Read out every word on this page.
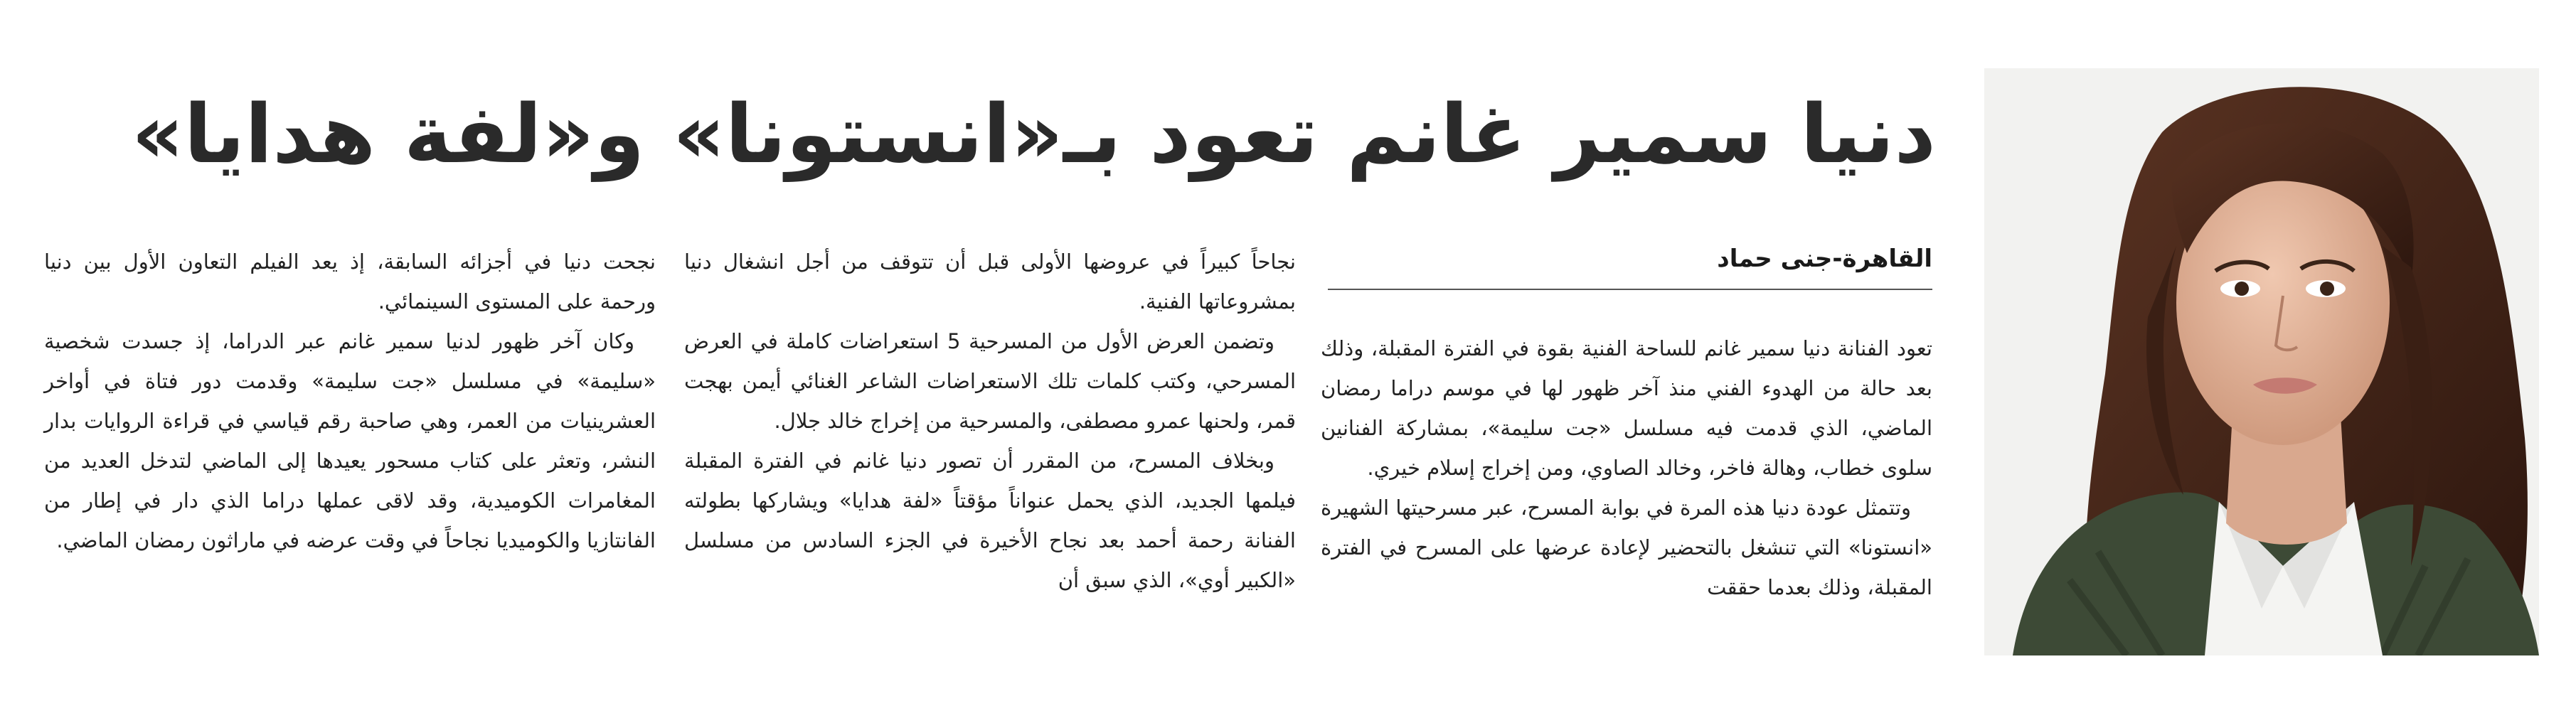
دنيا سمير غانم تعود بـ«انستونا» و«لفة هدايا»
القاهرة-جنى حماد

تعود الفنانة دنيا سمير غانم للساحة الفنية بقوة في الفترة المقبلة، وذلك بعد حالة من الهدوء الفني منذ آخر ظهور لها في موسم دراما رمضان الماضي، الذي قدمت فيه مسلسل «جت سليمة»، بمشاركة الفنانين سلوى خطاب، وهالة فاخر، وخالد الصاوي، ومن إخراج إسلام خيري.

وتتمثل عودة دنيا هذه المرة في بوابة المسرح، عبر مسرحيتها الشهيرة «انستونا» التي تنشغل بالتحضير لإعادة عرضها على المسرح في الفترة المقبلة، وذلك بعدما حققت

نجاحاً كبيراً في عروضها الأولى قبل أن تتوقف من أجل انشغال دنيا بمشروعاتها الفنية.

وتضمن العرض الأول من المسرحية 5 استعراضات كاملة في العرض المسرحي، وكتب كلمات تلك الاستعراضات الشاعر الغنائي أيمن بهجت قمر، ولحنها عمرو مصطفى، والمسرحية من إخراج خالد جلال.

وبخلاف المسرح، من المقرر أن تصور دنيا غانم في الفترة المقبلة فيلمها الجديد، الذي يحمل عنواناً مؤقتاً «لفة هدايا» ويشاركها بطولته الفنانة رحمة أحمد بعد نجاح الأخيرة في الجزء السادس من مسلسل «الكبير أوي»، الذي سبق أن

نجحت دنيا في أجزائه السابقة، إذ يعد الفيلم التعاون الأول بين دنيا ورحمة على المستوى السينمائي.

وكان آخر ظهور لدنيا سمير غانم عبر الدراما، إذ جسدت شخصية «سليمة» في مسلسل «جت سليمة» وقدمت دور فتاة في أواخر العشرينيات من العمر، وهي صاحبة رقم قياسي في قراءة الروايات بدار النشر، وتعثر على كتاب مسحور يعيدها إلى الماضي لتدخل العديد من المغامرات الكوميدية، وقد لاقى عملها دراما الذي دار في إطار من الفانتازيا والكوميديا نجاحاً في وقت عرضه في ماراثون رمضان الماضي.
